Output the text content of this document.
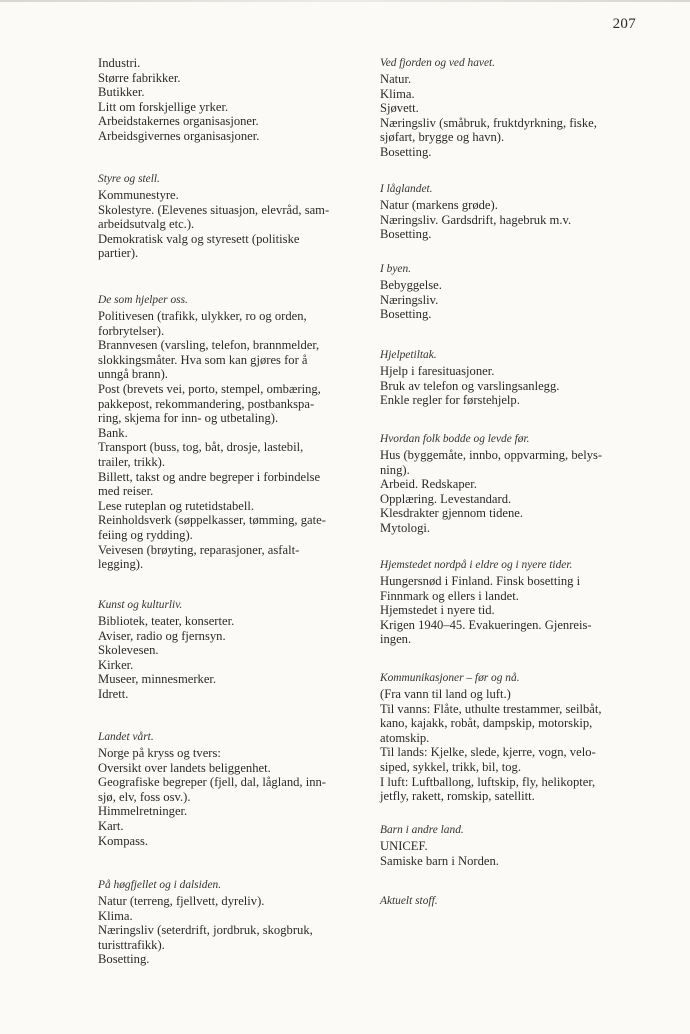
207
Industri.
Større fabrikker.
Butikker.
Litt om forskjellige yrker.
Arbeidstakernes organisasjoner.
Arbeidsgivernes organisasjoner.
Styre og stell.
Kommunestyre.
Skolestyre. (Elevenes situasjon, elevråd, sam-
arbeidsutvalg etc.).
Demokratisk valg og styresett (politiske
partier).
De som hjelper oss.
Politivesen (trafikk, ulykker, ro og orden,
forbrytelser).
Brannvesen (varsling, telefon, brannmelder,
slokkingsmåter. Hva som kan gjøres for å
unngå brann).
Post (brevets vei, porto, stempel, ombæring,
pakkepost, rekommandering, postbankspa-
ring, skjema for inn- og utbetaling).
Bank.
Transport (buss, tog, båt, drosje, lastebil,
trailer, trikk).
Billett, takst og andre begreper i forbindelse
med reiser.
Lese ruteplan og rutetidstabell.
Reinholdsverk (søppelkasser, tømming, gate-
feiing og rydding).
Veivesen (brøyting, reparasjoner, asfalt-
legging).
Kunst og kulturliv.
Bibliotek, teater, konserter.
Aviser, radio og fjernsyn.
Skolevesen.
Kirker.
Museer, minnesmerker.
Idrett.
Landet vårt.
Norge på kryss og tvers:
Oversikt over landets beliggenhet.
Geografiske begreper (fjell, dal, lågland, inn-
sjø, elv, foss osv.).
Himmelretninger.
Kart.
Kompass.
På høgfjellet og i dalsiden.
Natur (terreng, fjellvett, dyreliv).
Klima.
Næringsliv (seterdrift, jordbruk, skogbruk,
turisttrafikk).
Bosetting.
Ved fjorden og ved havet.
Natur.
Klima.
Sjøvett.
Næringsliv (småbruk, fruktdyrkning, fiske,
sjøfart, brygge og havn).
Bosetting.
I låglandet.
Natur (markens grøde).
Næringsliv. Gardsdrift, hagebruk m.v.
Bosetting.
I byen.
Bebyggelse.
Næringsliv.
Bosetting.
Hjelpetiltak.
Hjelp i faresituasjoner.
Bruk av telefon og varslingsanlegg.
Enkle regler for førstehjelp.
Hvordan folk bodde og levde før.
Hus (byggemåte, innbo, oppvarming, belys-
ning).
Arbeid. Redskaper.
Opplæring. Levestandard.
Klesdrakter gjennom tidene.
Mytologi.
Hjemstedet nordpå i eldre og i nyere tider.
Hungersnød i Finland. Finsk bosetting i
Finnmark og ellers i landet.
Hjemstedet i nyere tid.
Krigen 1940–45. Evakueringen. Gjenreis-
ingen.
Kommunikasjoner – før og nå.
(Fra vann til land og luft.)
Til vanns: Flåte, uthulte trestammer, seilbåt,
kano, kajakk, robåt, dampskip, motorskip,
atomskip.
Til lands: Kjelke, slede, kjerre, vogn, velo-
siped, sykkel, trikk, bil, tog.
I luft: Luftballong, luftskip, fly, helikopter,
jetfly, rakett, romskip, satellitt.
Barn i andre land.
UNICEF.
Samiske barn i Norden.
Aktuelt stoff.
